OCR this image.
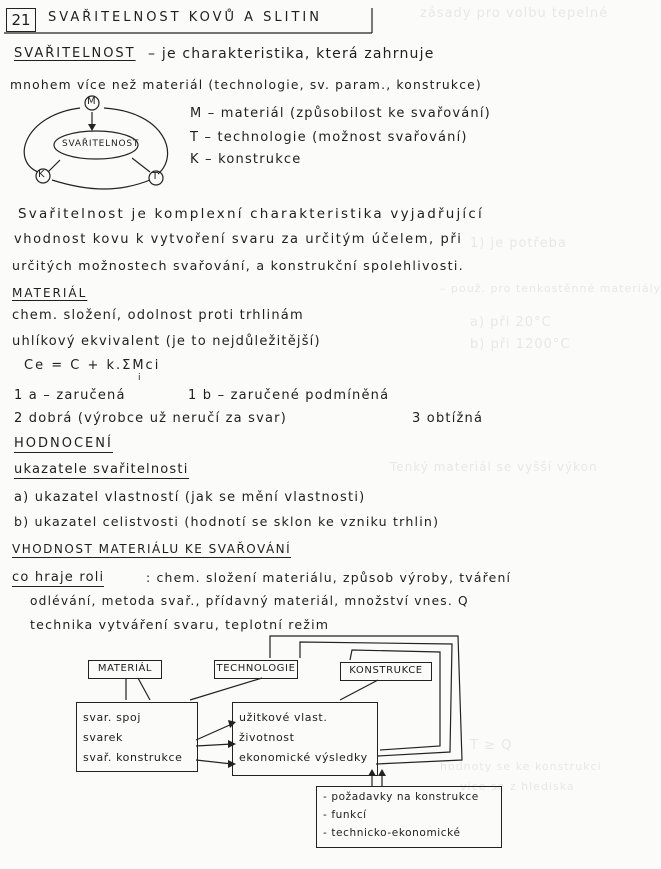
zásady pro volbu tepelné
1) je potřeba
– použ. pro tenkostěnné materiály
a) při 20°C
b) při 1200°C
Tenký materiál se vyšší výkon
T ≥ Q
hodnoty se ke konstrukci
více se z hlediska
21	SVAŘITELNOST KOVŮ A SLITIN
SVAŘITELNOST – je charakteristika, která zahrnuje
mnohem více než materiál (technologie, sv. param., konstrukce)
M
K	T
SVAŘITELNOST
M – materiál (způsobilost ke svařování)
T – technologie (možnost svařování)
K – konstrukce
Svařitelnost je komplexní charakteristika vyjadřující
vhodnost kovu k vytvoření svaru za určitým účelem, při
určitých možnostech svařování, a konstrukční spolehlivosti.
MATERIÁL
chem. složení, odolnost proti trhlinám
uhlíkový ekvivalent (je to nejdůležitější)
Ce = C + k.ΣMci
i
1 a – zaručená	1 b – zaručené podmíněná
2 dobrá (výrobce už neručí za svar)	3 obtížná
HODNOCENÍ
ukazatele svařitelnosti
a) ukazatel vlastností (jak se mění vlastnosti)
b) ukazatel celistvosti (hodnotí se sklon ke vzniku trhlin)
VHODNOST MATERIÁLU KE SVAŘOVÁNÍ
co hraje roli	: chem. složení materiálu, způsob výroby, tváření
odlévání, metoda svař., přídavný materiál, množství vnes. Q
technika vytváření svaru, teplotní režim
MATERIÁL	TECHNOLOGIE	KONSTRUKCE
svar. spoj
svarek
svař. konstrukce
užitkové vlast.
životnost
ekonomické výsledky
- požadavky na konstrukce
- funkcí
- technicko-ekonomické
